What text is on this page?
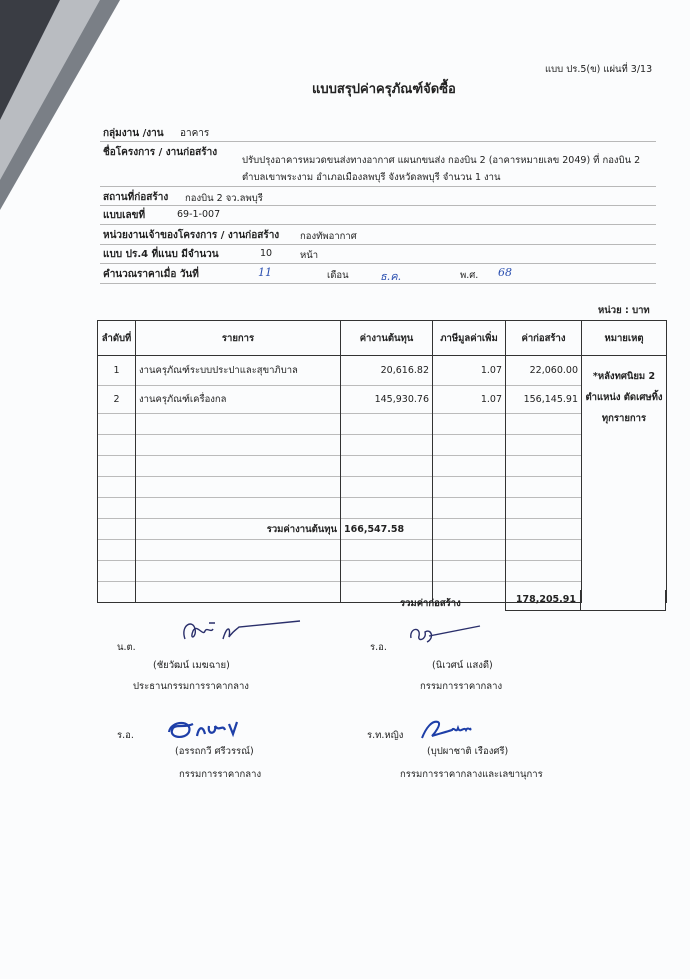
แบบ ปร.5(ข) แผ่นที่ 3/13
แบบสรุปค่าครุภัณฑ์จัดซื้อ
กลุ่มงาน /งาน อาคาร
ชื่อโครงการ / งานก่อสร้าง
ปรับปรุงอาคารหมวดขนส่งทางอากาศ แผนกขนส่ง กองบิน 2 (อาคารหมายเลข 2049) ที่ กองบิน 2
ตำบลเขาพระงาม อำเภอเมืองลพบุรี จังหวัดลพบุรี จำนวน 1 งาน
สถานที่ก่อสร้าง กองบิน 2 จว.ลพบุรี
แบบเลขที่	69-1-007
หน่วยงานเจ้าของโครงการ / งานก่อสร้าง กองทัพอากาศ
แบบ ปร.4 ที่แนบ มีจำนวน	10	หน้า
คำนวณราคาเมื่อ วันที่	11	เดือน	ธ.ค.	พ.ศ. 68
หน่วย : บาท
ลำดับที่	รายการ	ค่างานต้นทุน	ภาษีมูลค่าเพิ่ม	ค่าก่อสร้าง	หมายเหตุ
1	งานครุภัณฑ์ระบบประปาและสุขาภิบาล	20,616.82	1.07	22,060.00	*หลังทศนิยม 2 ตำแหน่ง ตัดเศษทิ้งทุกรายการ
2	งานครุภัณฑ์เครื่องกล	145,930.76	1.07	156,145.91	

	รวมค่างานต้นทุน	166,547.58			

รวมค่าก่อสร้าง	178,205.91
น.ต.
(ชัยวัฒน์ เมฆฉาย)
ประธานกรรมการราคากลาง
ร.อ.
(นิเวศน์ แสงดี)
กรรมการราคากลาง
ร.อ.
(อรรถกวี ศรีวรรณ์)
กรรมการราคากลาง
ร.ท.หญิง
(บุปผาชาติ เรืองศรี)
กรรมการราคากลางและเลขานุการ
